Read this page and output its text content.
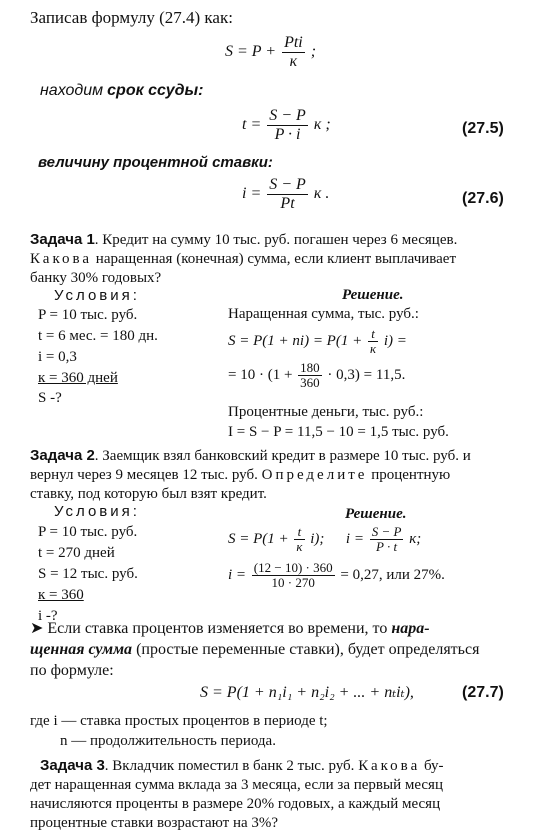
Записав формулу (27.4) как:
$S = P + \frac{\text{Pti}}{к}$ ;
находим срок ссуды:
$t = \frac{S - P}{P \cdot i}$ к ;	(27.5)
величину процентной ставки:
$i = \frac{S - P}{Pt}$ к .	(27.6)
Задача 1. Кредит на сумму 10 тыс. руб. погашен через 6 месяцев.
Какова наращенная (конечная) сумма, если клиент выплачивает
банку 30% годовых?
Условия:
P = 10 тыс. руб.
t = 6 мес. = 180 дн.
i = 0,3
к = 360 дней
S -?
Решение.
Наращенная сумма, тыс. руб.:
$S = P(1 + ni) = P(1 + \frac{t}{к} i)$ =
= $10 \cdot (1 + \frac{180}{360} \cdot 0,3) = 11,5$.
Процентные деньги, тыс. руб.:
I = S − P = 11,5 − 10 = 1,5 тыс. руб.
Задача 2. Заемщик взял банковский кредит в размере 10 тыс. руб. и
вернул через 9 месяцев 12 тыс. руб. Определите процентную
ставку, под которую был взят кредит.
Условия:
P = 10 тыс. руб.
t = 270 дней
S = 12 тыс. руб.
к = 360
i -?
Решение.
$S = P(1 + \frac{t}{к} i)$; $i = \frac{S - P}{P \cdot t} к$;
$i = \frac{(12 - 10) \cdot 360}{10 \cdot 270} = 0,27$, или 27%.
➤ Если ставка процентов изменяется во времени, то нара-
щенная сумма (простые переменные ставки), будет определяться
по формуле:
S = P(1 + n₁i₁ + n₂i₂ + ... + nₜiₜ),	(27.7)
где i — ставка простых процентов в периоде t;
n — продолжительность периода.
Задача 3. Вкладчик поместил в банк 2 тыс. руб. Какова бу-
дет наращенная сумма вклада за 3 месяца, если за первый месяц
начисляются проценты в размере 20% годовых, а каждый месяц
процентные ставки возрастают на 3%?
